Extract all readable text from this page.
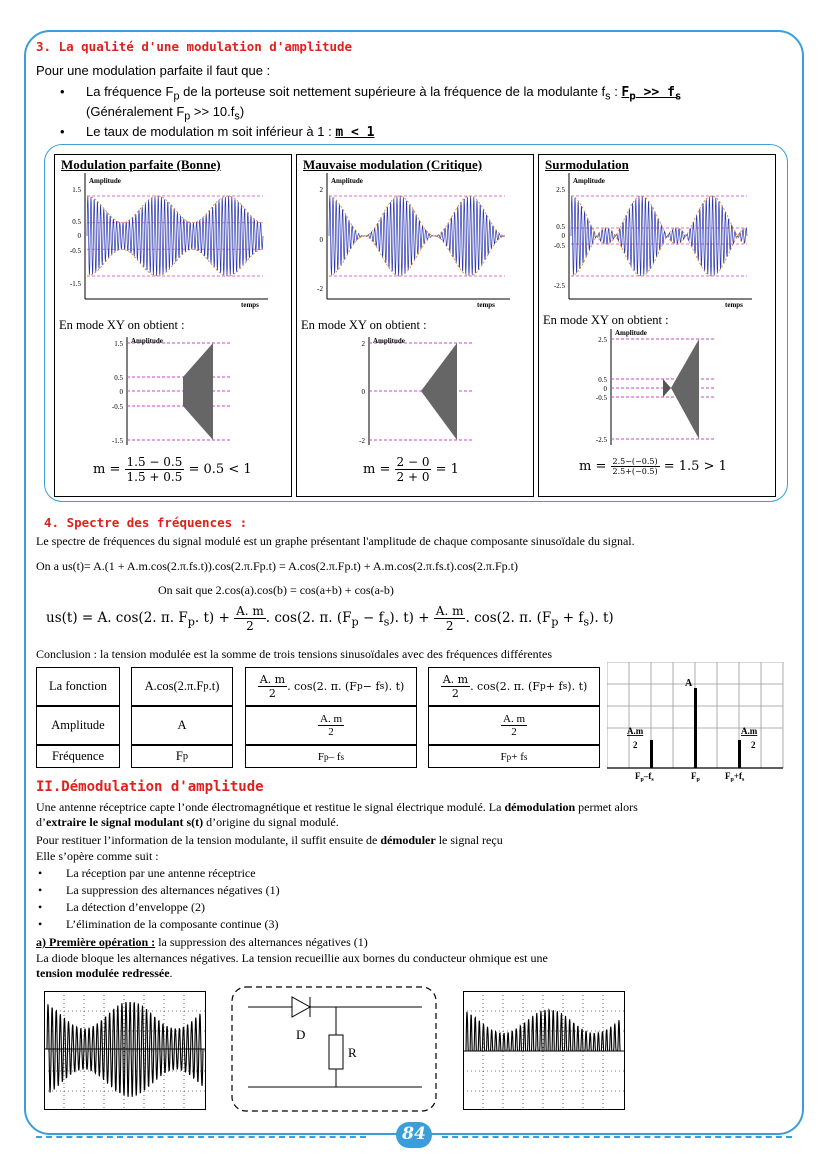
3. La qualité d'une modulation d'amplitude
Pour une modulation parfaite il faut que :
• La fréquence $F_p$ de la porteuse soit nettement supérieure à la fréquence de la modulante $f_s$ : $F_p >> f_s$
(Généralement $F_p >> 10.f_s$)
• Le taux de modulation m soit inférieur à 1 : m < 1
Modulation parfaite (Bonne)
Amplitude
temps
1.5
0.5
0
-0.5
-1.5
En mode XY on obtient :
Amplitude
1.5
0.5
0
-0.5
-1.5
$m = \frac{1.5 - 0.5}{1.5 + 0.5} = 0.5 < 1$
Mauvaise modulation (Critique)
Amplitude
temps
2
0
-2
En mode XY on obtient :
Amplitude
2
0
-2
$m = \frac{2 - 0}{2 + 0} = 1$
Surmodulation
Amplitude
temps
2.5
0.5
0
-0.5
-2.5
En mode XY on obtient :
Amplitude
2.5
0.5
0
-0.5
-2.5
$m = \frac{2.5-(-0.5)}{2.5+(-0.5)} = 1.5 > 1$
4. Spectre des fréquences :
Le spectre de fréquences du signal modulé est un graphe présentant l'amplitude de chaque composante sinusoïdale du signal.
On a us(t)= A.(1 + A.m.cos(2.π.fs.t)).cos(2.π.Fp.t) = A.cos(2.π.Fp.t) + A.m.cos(2.π.fs.t).cos(2.π.Fp.t)
On sait que 2.cos(a).cos(b) = cos(a+b) + cos(a-b)
us(t) = A. cos(2. π. $F_p$. $t) + \frac{A. m}{2}$ . cos(2. π. $(F_p - f_s)$. $t) + \frac{A. m}{2}$ . cos(2. π. $(F_p + f_s)$. t)
Conclusion : la tension modulée est la somme de trois tensions sinusoïdales avec des fréquences différentes
La fonction
Amplitude
Fréquence
A.cos(2.π.F p .t)
A
F p
$\frac{A. m}{2}$ . cos(2. π. (F p − f s ). t)
$\frac{A. m}{2}$
F p – f s
$\frac{A. m}{2}$ . cos(2. π. (F p + f s ). t)
$\frac{A. m}{2}$
F p + f s
A
A.m
2
A.m
2
$F_p-f_s$	$F_p$	$F_p+f_s$
II.Démodulation d'amplitude
Une antenne réceptrice capte l’onde électromagnétique et restitue le signal électrique modulé. La démodulation permet alors
d’extraire le signal modulant s(t) d’origine du signal modulé.
Pour restituer l’information de la tension modulante, il suffit ensuite de démoduler le signal reçu
Elle s’opère comme suit :
• La réception par une antenne réceptrice
• La suppression des alternances négatives (1)
• La détection d’enveloppe (2)
• L’élimination de la composante continue (3)
a) Première opération : la suppression des alternances négatives (1)
La diode bloque les alternances négatives. La tension recueillie aux bornes du conducteur ohmique est une
tension modulée redressée.
D
R
84
